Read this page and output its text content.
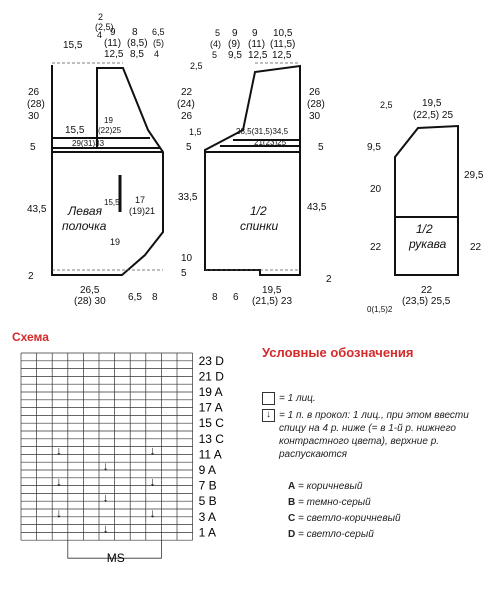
15,5
2
(2,5)
4 9
(11)
12,5
8
(8,5)
8,5
6,5
(5)
4
26
(28)
30
15,5
5
43,5
2
29(31)33
(22)25
19
15,5 17
(19)21
19
Левая
полочка
26,5
(28) 30 6,5 8
5
(4)
5
9
(9)
9,5
9
(11)
12,5
10,5
(11,5)
12,5
2,5
22
(24)
26
1,5
5
33,5
10
5
26
(28)
30
5
43,5
2
28,5(31,5)34,5
21(23)25
1/2
спинки
8 6
19,5
(21,5) 23
2,5	19,5
(22,5) 25
9,5
20
22
29,5
22
1/2
рукава
0(1,5)2
22
(23,5) 25,5
Схема
23 D
21 D
19 A
17 A
15 C
13 C
11 A
9 A
7 B
5 B
3 A
1 A
↓
↓	↓
↓
↓	↓
↓
↓	↓
MS
Условные обозначения
= 1 лиц.
↓ = 1 п. в прокол: 1 лиц., при этом ввести спицу на 4 р. ниже (= в 1-й р. нижнего контрастного цвета), верхние р. распускаются
A = коричневый
B = темно-серый
C = светло-коричневый
D = светло-серый
